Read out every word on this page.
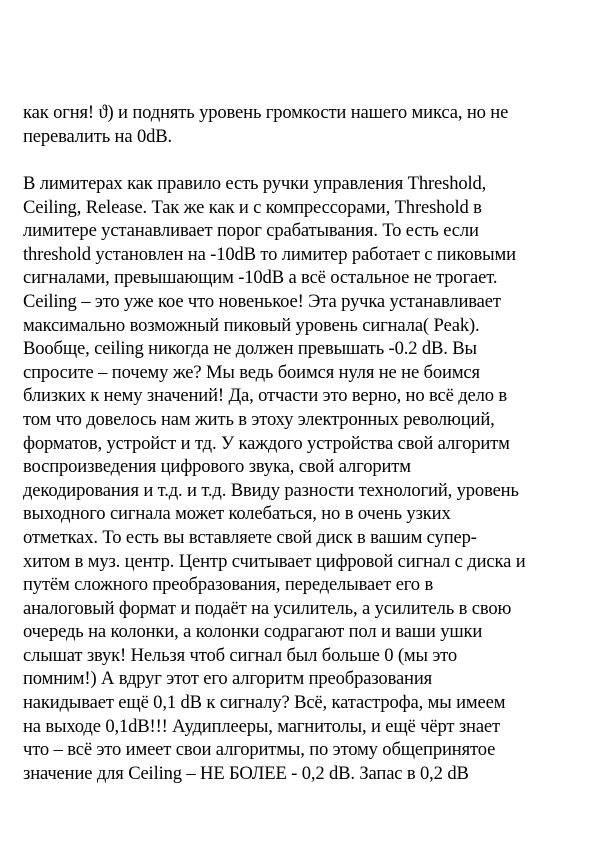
как огня! ϑ) и поднять уровень громкости нашего микса, но не
перевалить на 0dB.
В лимитерах как правило есть ручки управления Threshold,
Ceiling, Release. Так же как и с компрессорами, Threshold в
лимитере устанавливает порог срабатывания. То есть если
threshold установлен на -10dB то лимитер работает с пиковыми
сигналами, превышающим -10dB а всё остальное не трогает.
Ceiling – это уже кое что новенькое! Эта ручка устанавливает
максимально возможный пиковый уровень сигнала( Peak).
Вообще, ceiling никогда не должен превышать -0.2 dB. Вы
спросите – почему же? Мы ведь боимся нуля не не боимся
близких к нему значений! Да, отчасти это верно, но всё дело в
том что довелось нам жить в этоху электронных революций,
форматов, устройст и тд. У каждого устройства свой алгоритм
воспроизведения цифрового звука, свой алгоритм
декодирования и т.д. и т.д. Ввиду разности технологий, уровень
выходного сигнала может колебаться, но в очень узких
отметках. То есть вы вставляете свой диск в вашим супер-
хитом в муз. центр. Центр считывает цифровой сигнал с диска и
путём сложного преобразования, переделывает его в
аналоговый формат и подаёт на усилитель, а усилитель в свою
очередь на колонки, а колонки содрагают пол и ваши ушки
слышат звук! Нельзя чтоб сигнал был больше 0 (мы это
помним!) А вдруг этот его алгоритм преобразования
накидывает ещё 0,1 dB к сигналу? Всё, катастрофа, мы имеем
на выходе 0,1dB!!! Аудиплееры, магнитолы, и ещё чёрт знает
что – всё это имеет свои алгоритмы, по этому общепринятое
значение для Ceiling – НЕ БОЛЕЕ - 0,2 dB. Запас в 0,2 dB
